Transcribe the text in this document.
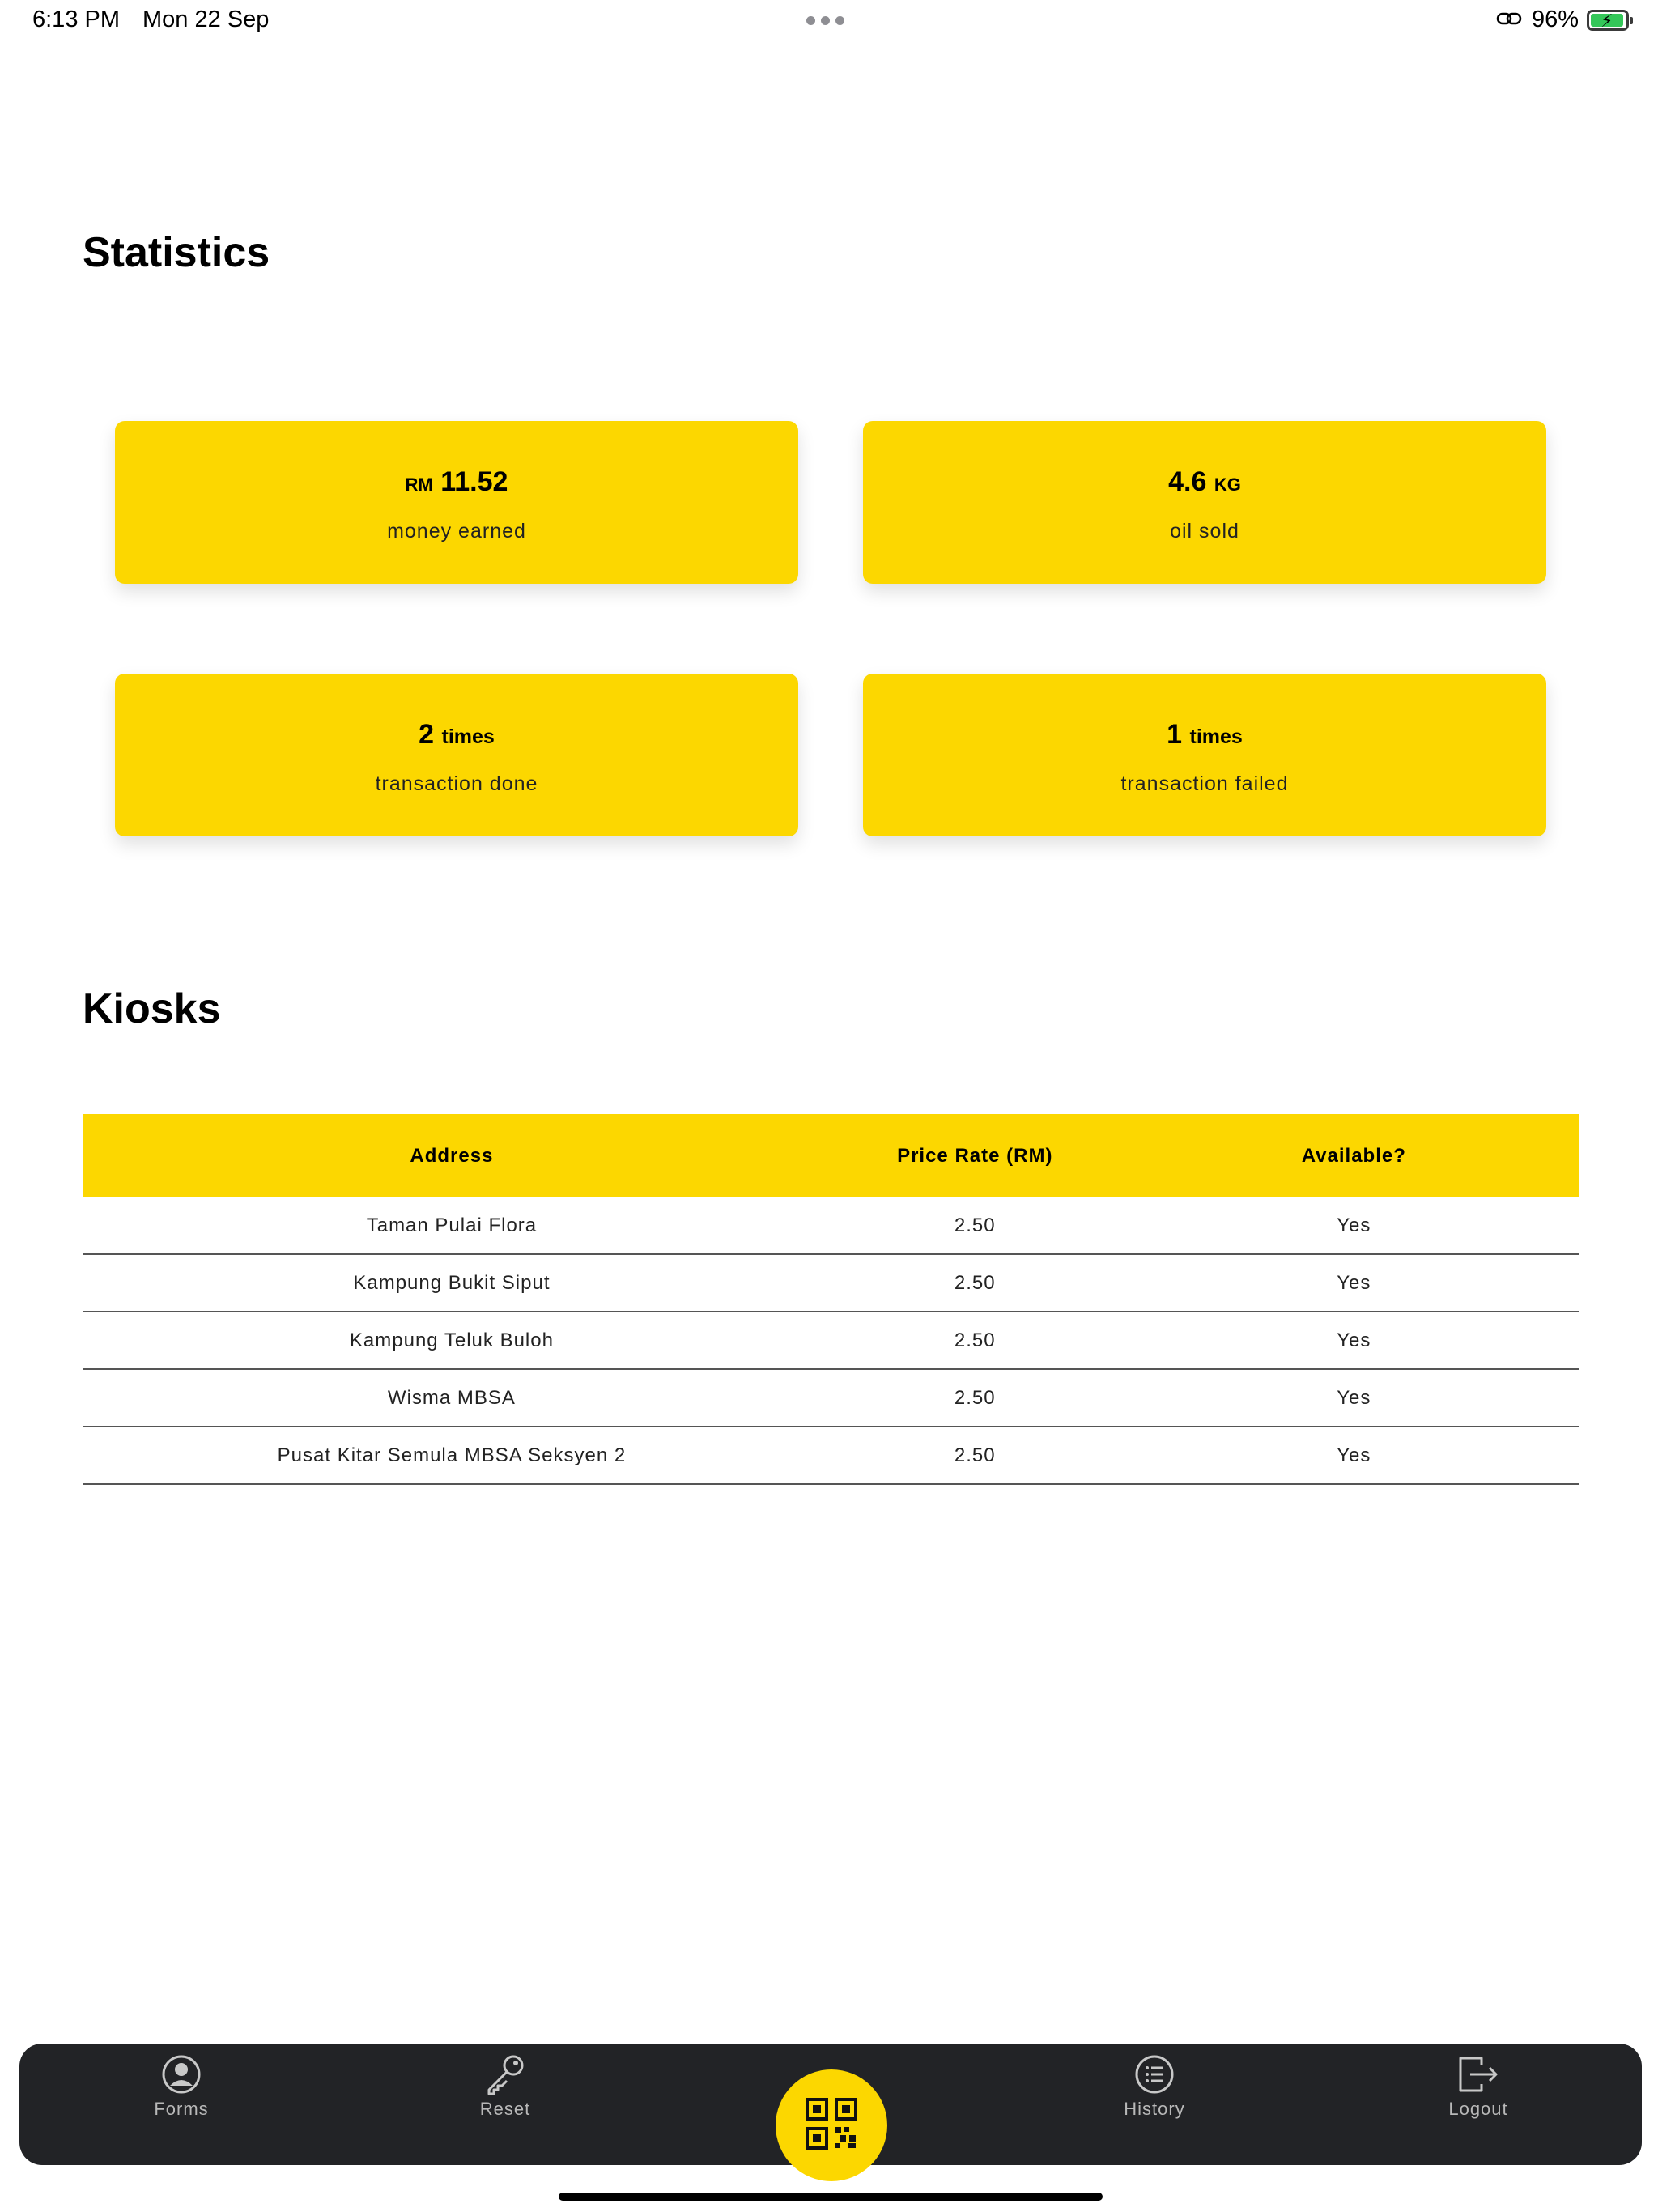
6:13 PM Mon 22 Sep	96% ⚡
Statistics
RM 11.52
money earned
4.6 KG
oil sold
2 times
transaction done
1 times
transaction failed
Kiosks
Address	Price Rate (RM)	Available?
Taman Pulai Flora	2.50	Yes
Kampung Bukit Siput	2.50	Yes
Kampung Teluk Buloh	2.50	Yes
Wisma MBSA	2.50	Yes
Pusat Kitar Semula MBSA Seksyen 2	2.50	Yes
Forms	Reset	History	Logout
